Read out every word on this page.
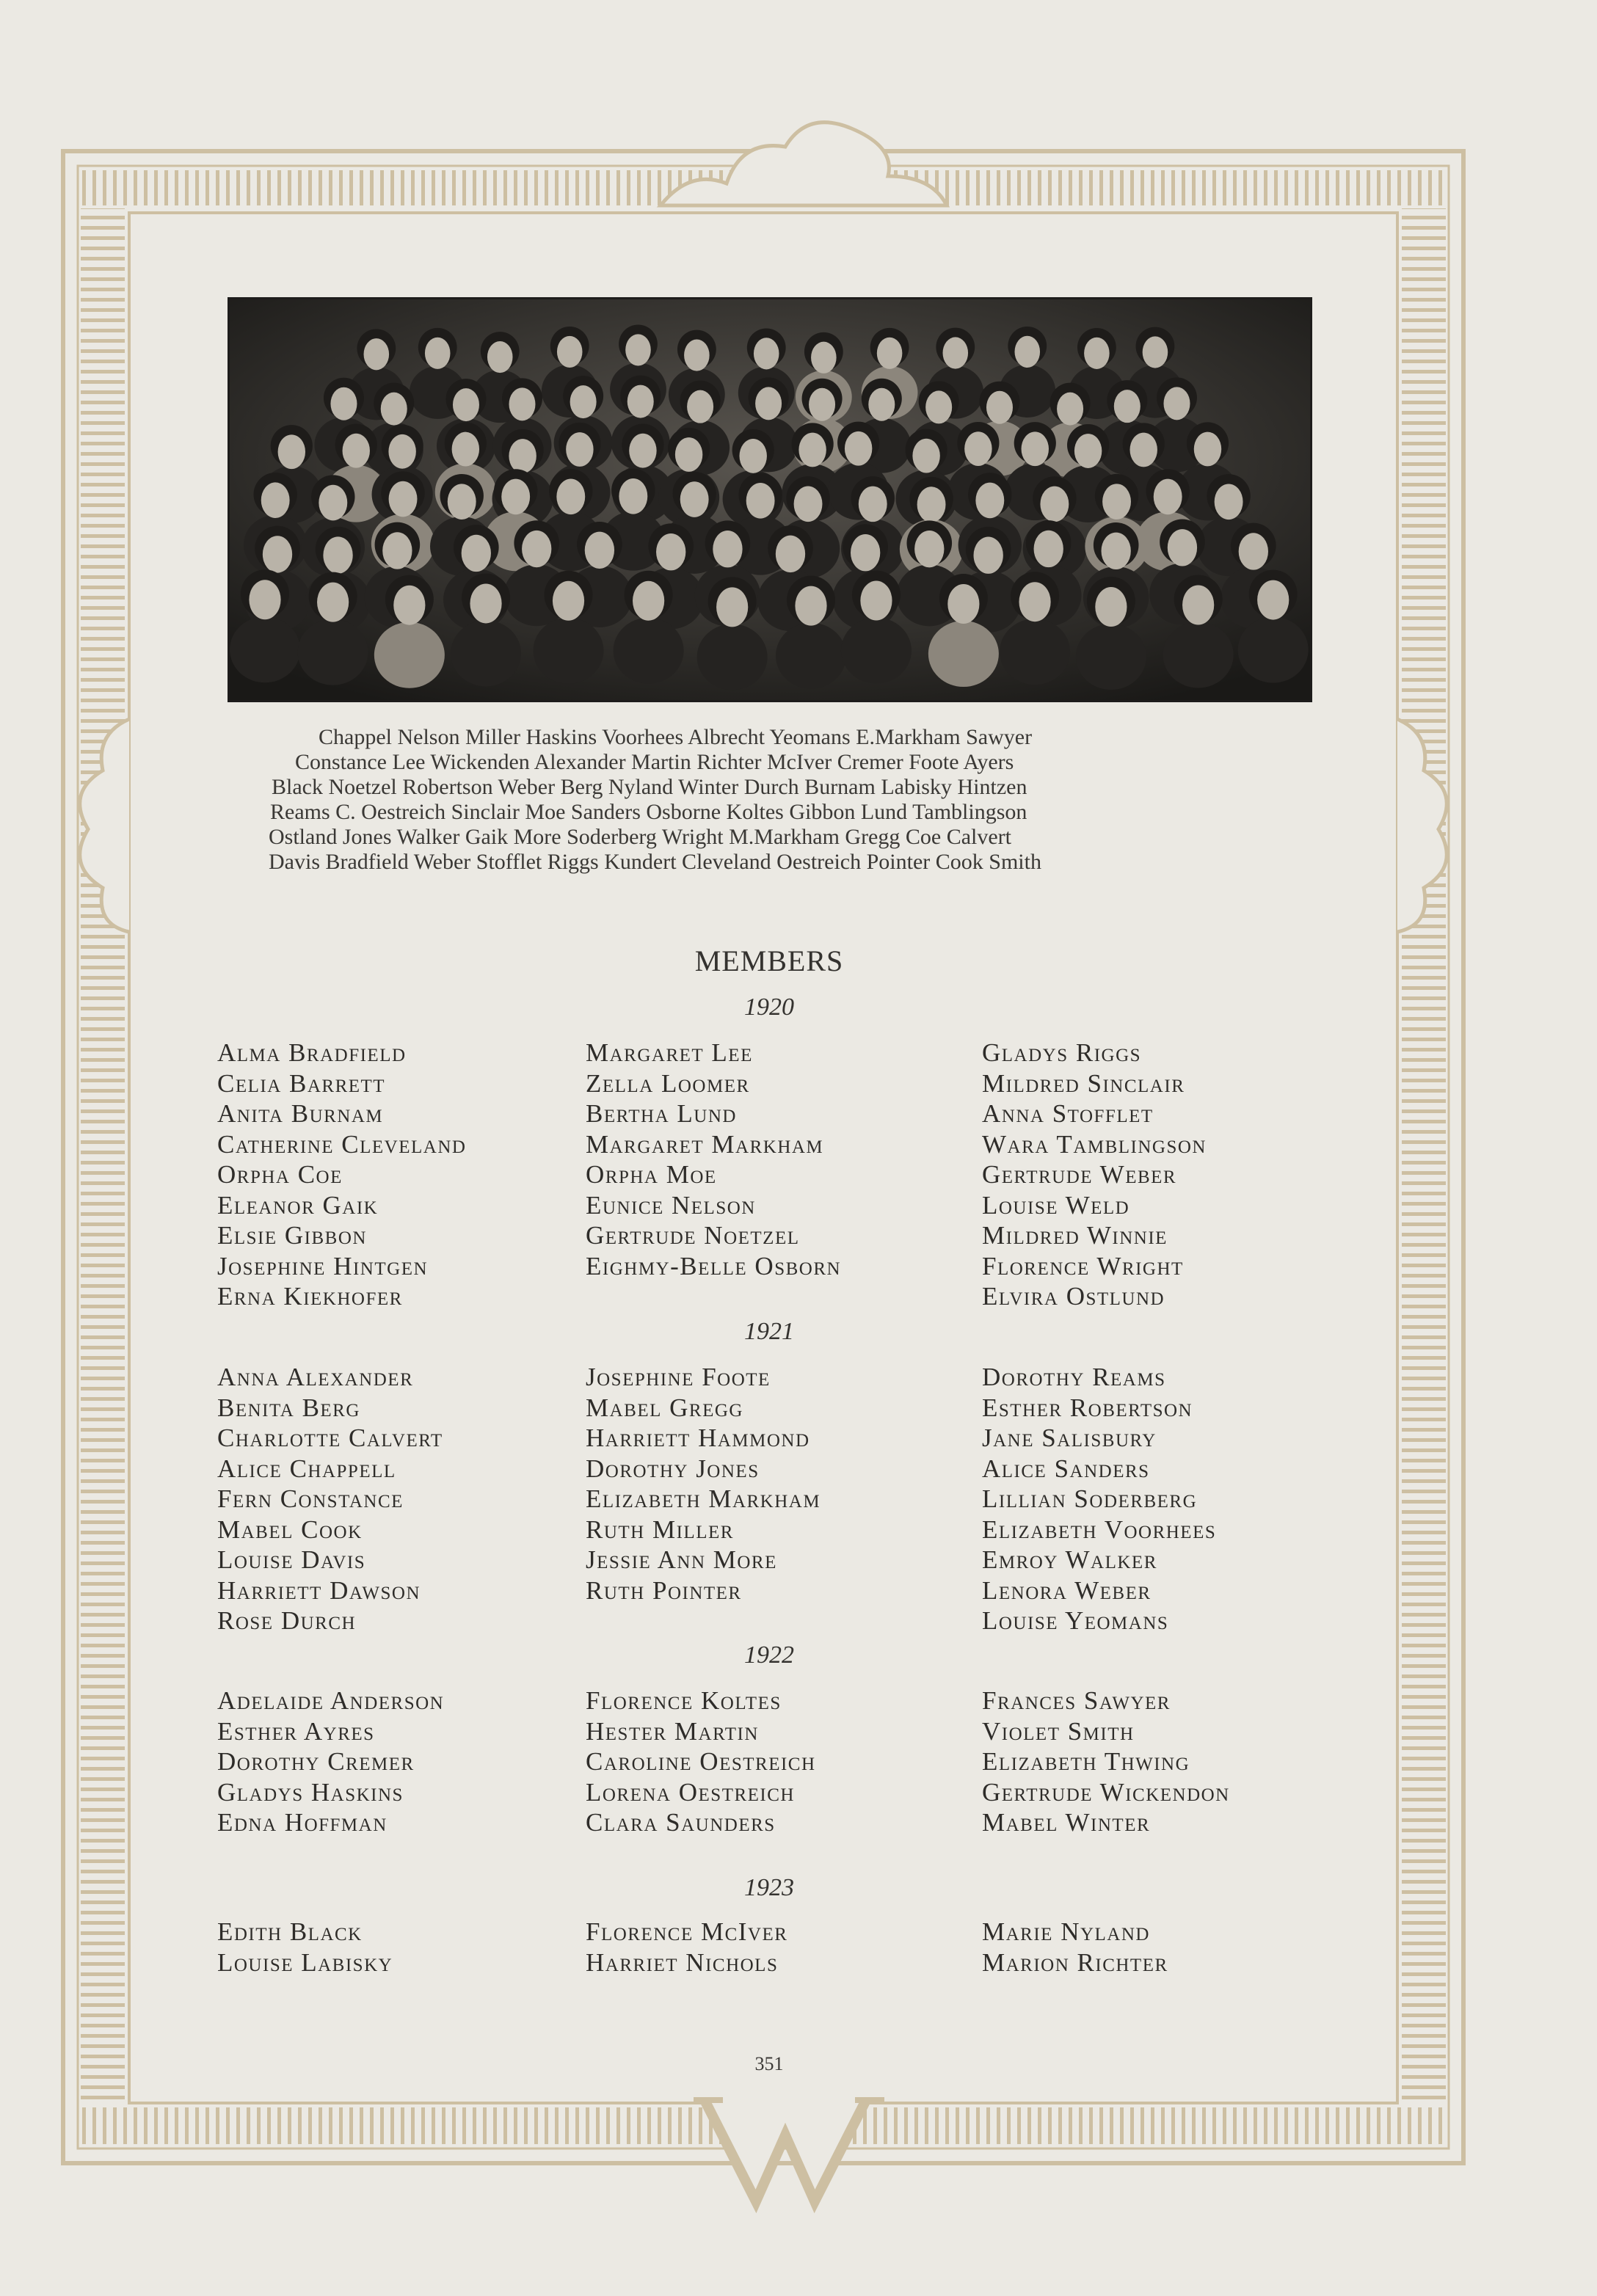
Chappel Nelson Miller Haskins Voorhees Albrecht Yeomans E.Markham Sawyer
Constance Lee Wickenden Alexander Martin Richter McIver Cremer Foote Ayers
Black Noetzel Robertson Weber Berg Nyland Winter Durch Burnam Labisky Hintzen
Reams C. Oestreich Sinclair Moe Sanders Osborne Koltes Gibbon Lund Tamblingson
Ostland Jones Walker Gaik More Soderberg Wright M.Markham Gregg Coe Calvert
Davis Bradfield Weber Stofflet Riggs Kundert Cleveland Oestreich Pointer Cook Smith
MEMBERS
1920
Alma Bradfield
Celia Barrett
Anita Burnam
Catherine Cleveland
Orpha Coe
Eleanor Gaik
Elsie Gibbon
Josephine Hintgen
Erna Kiekhofer
Margaret Lee
Zella Loomer
Bertha Lund
Margaret Markham
Orpha Moe
Eunice Nelson
Gertrude Noetzel
Eighmy-Belle Osborn
Gladys Riggs
Mildred Sinclair
Anna Stofflet
Wara Tamblingson
Gertrude Weber
Louise Weld
Mildred Winnie
Florence Wright
Elvira Ostlund
1921
Anna Alexander
Benita Berg
Charlotte Calvert
Alice Chappell
Fern Constance
Mabel Cook
Louise Davis
Harriett Dawson
Rose Durch
Josephine Foote
Mabel Gregg
Harriett Hammond
Dorothy Jones
Elizabeth Markham
Ruth Miller
Jessie Ann More
Ruth Pointer
Dorothy Reams
Esther Robertson
Jane Salisbury
Alice Sanders
Lillian Soderberg
Elizabeth Voorhees
Emroy Walker
Lenora Weber
Louise Yeomans
1922
Adelaide Anderson
Esther Ayres
Dorothy Cremer
Gladys Haskins
Edna Hoffman
Florence Koltes
Hester Martin
Caroline Oestreich
Lorena Oestreich
Clara Saunders
Frances Sawyer
Violet Smith
Elizabeth Thwing
Gertrude Wickendon
Mabel Winter
1923
Edith Black
Louise Labisky
Florence McIver
Harriet Nichols
Marie Nyland
Marion Richter
351
